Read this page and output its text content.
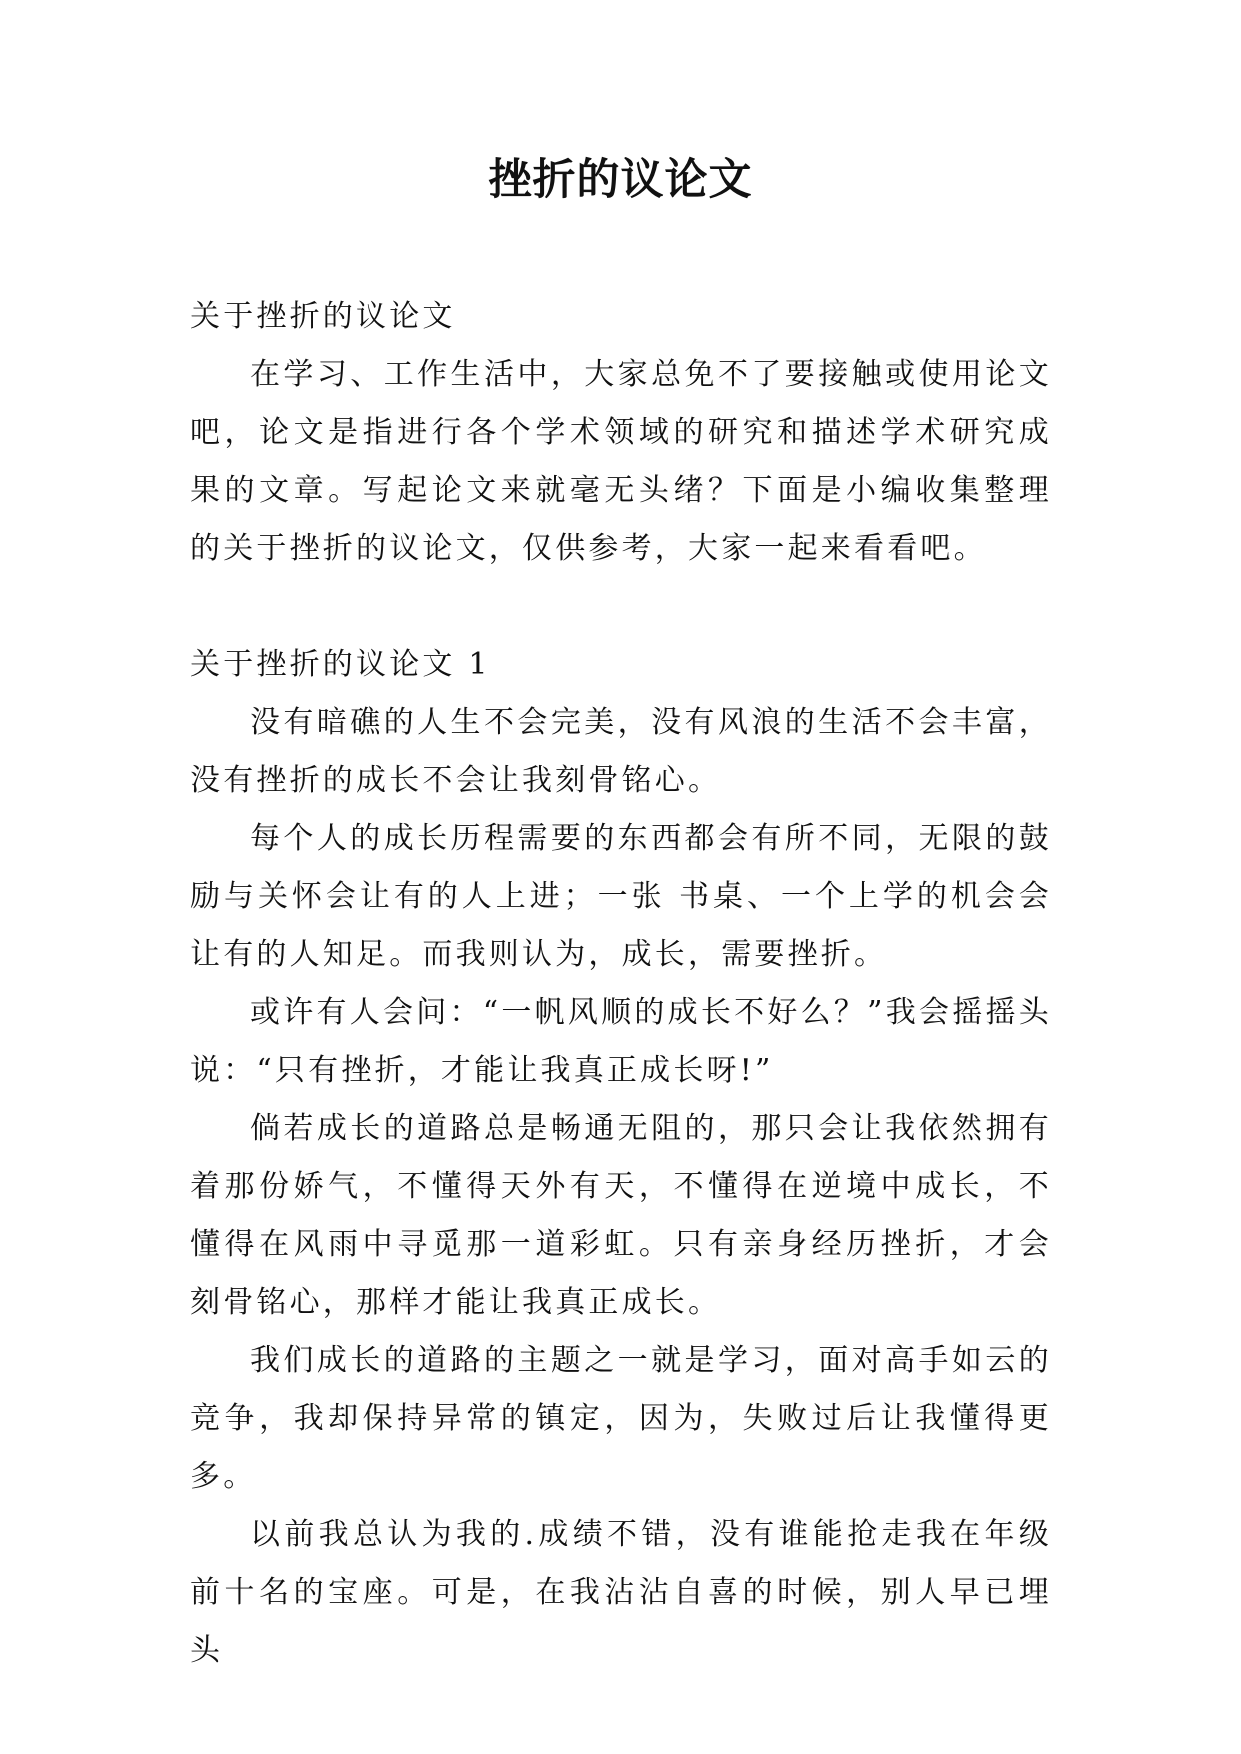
挫折的议论文

关于挫折的议论文

在学习、工作生活中，大家总免不了要接触或使用论文吧，论文是指进行各个学术领域的研究和描述学术研究成果的文章。写起论文来就毫无头绪？下面是小编收集整理的关于挫折的议论文，仅供参考，大家一起来看看吧。

关于挫折的议论文 1

没有暗礁的人生不会完美，没有风浪的生活不会丰富，没有挫折的成长不会让我刻骨铭心。

每个人的成长历程需要的东西都会有所不同，无限的鼓励与关怀会让有的人上进；一张 书桌、一个上学的机会会让有的人知足。而我则认为，成长，需要挫折。

或许有人会问：“一帆风顺的成长不好么？”我会摇摇头说：“只有挫折，才能让我真正成长呀!”

倘若成长的道路总是畅通无阻的，那只会让我依然拥有着那份娇气，不懂得天外有天，不懂得在逆境中成长，不懂得在风雨中寻觅那一道彩虹。只有亲身经历挫折，才会刻骨铭心，那样才能让我真正成长。

我们成长的道路的主题之一就是学习，面对高手如云的竞争，我却保持异常的镇定，因为，失败过后让我懂得更多。

以前我总认为我的.成绩不错，没有谁能抢走我在年级前十名的宝座。可是，在我沾沾自喜的时候，别人早已埋头
